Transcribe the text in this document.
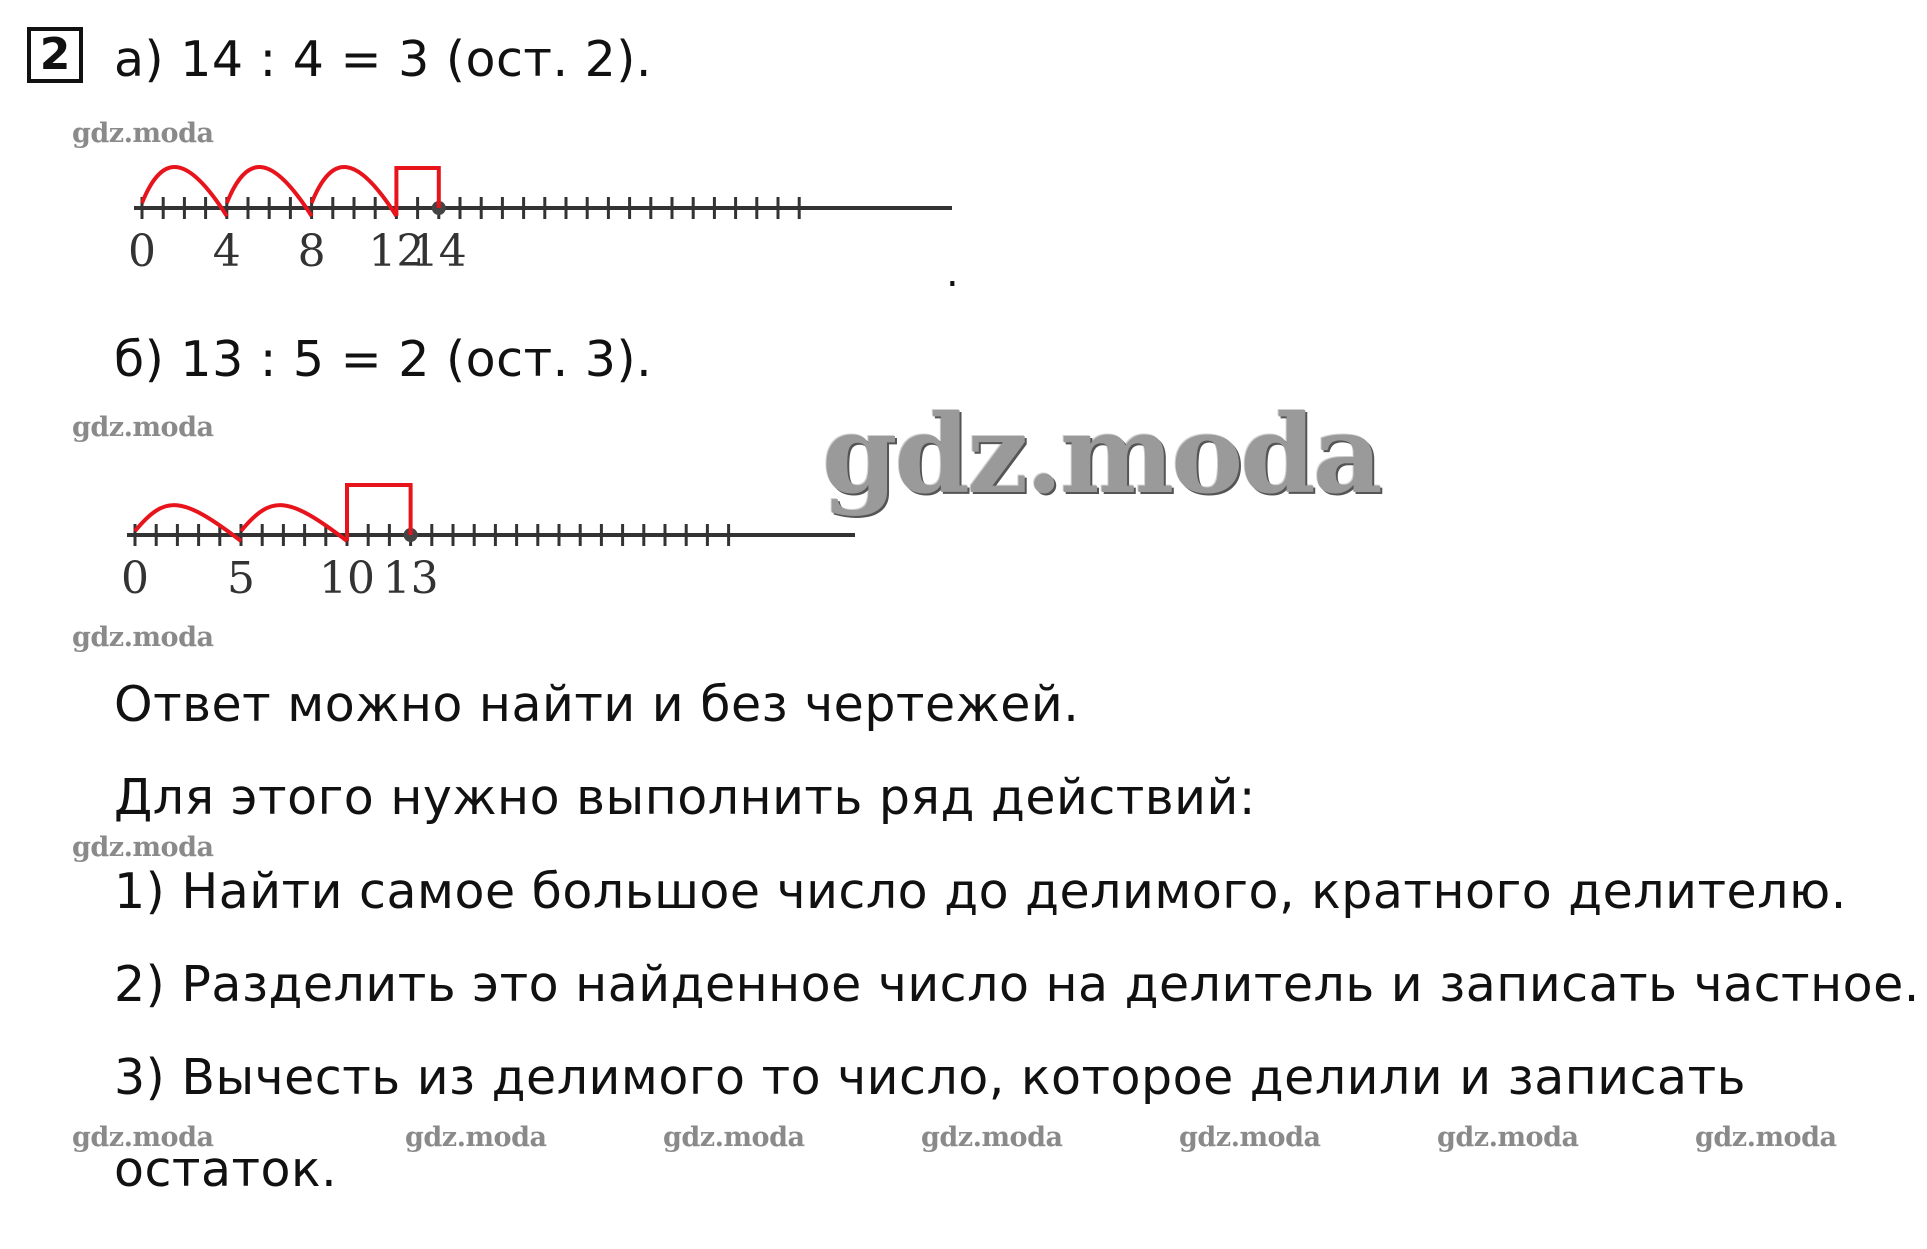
2 а) 14 : 4 = 3 (ост. 2).
0 4 8 12
14	.
б) 13 : 5 = 2 (ост. 3).
0 5 10 13
gdz.moda
Ответ можно найти и без чертежей.
Для этого нужно выполнить ряд действий:
1) Найти самое большое число до делимого, кратного делителю.
2) Разделить это найденное число на делитель и записать частное.
3) Вычесть из делимого то число, которое делили и записать
остаток.
gdz.moda
gdz.moda
gdz.moda
gdz.moda
gdz.moda	gdz.moda	gdz.moda	gdz.moda	gdz.moda	gdz.moda	gdz.moda
